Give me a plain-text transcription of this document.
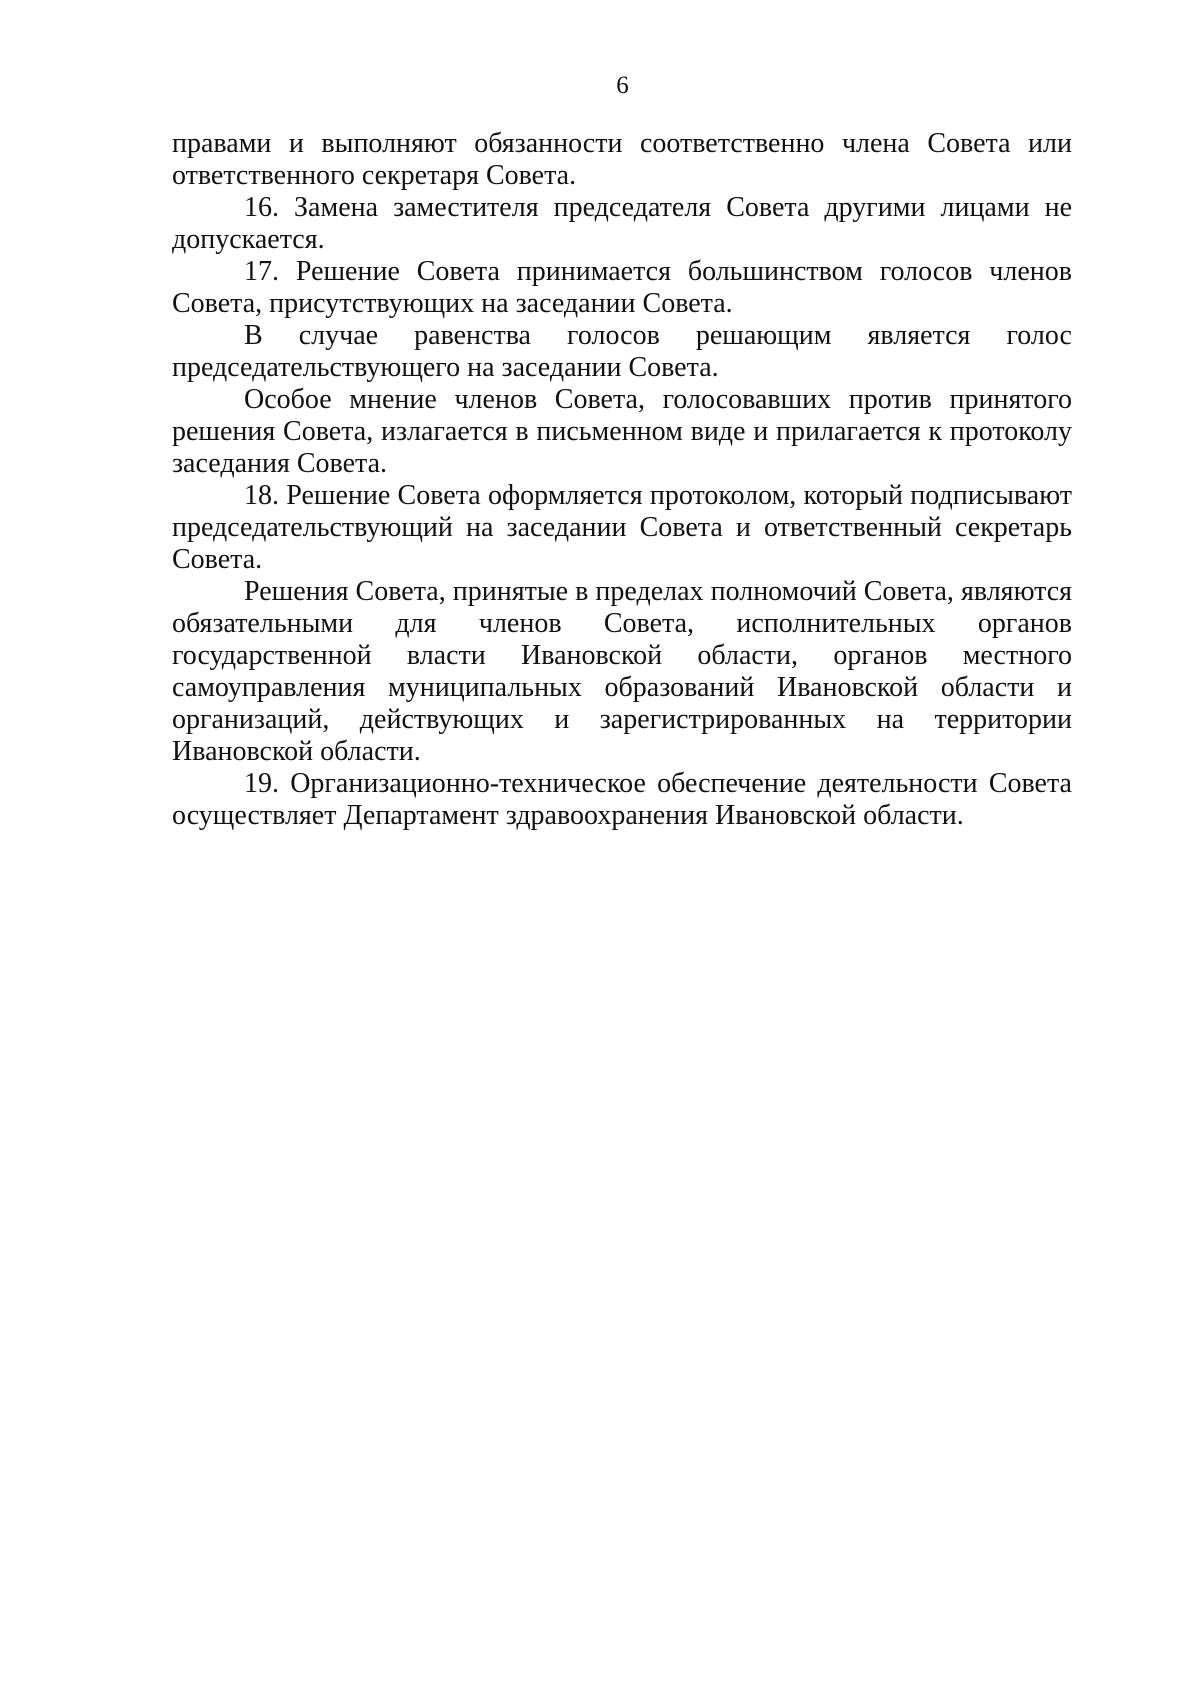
6

правами и выполняют обязанности соответственно члена Совета или ответственного секретаря Совета.

16. Замена заместителя председателя Совета другими лицами не допускается.

17. Решение Совета принимается большинством голосов членов Совета, присутствующих на заседании Совета.

В случае равенства голосов решающим является голос председательствующего на заседании Совета.

Особое мнение членов Совета, голосовавших против принятого решения Совета, излагается в письменном виде и прилагается к протоколу заседания Совета.

18. Решение Совета оформляется протоколом, который подписывают председательствующий на заседании Совета и ответственный секретарь Совета.

Решения Совета, принятые в пределах полномочий Совета, являются обязательными для членов Совета, исполнительных органов государственной власти Ивановской области, органов местного самоуправления муниципальных образований Ивановской области и организаций, действующих и зарегистрированных на территории Ивановской области.

19. Организационно-техническое обеспечение деятельности Совета осуществляет Департамент здравоохранения Ивановской области.
